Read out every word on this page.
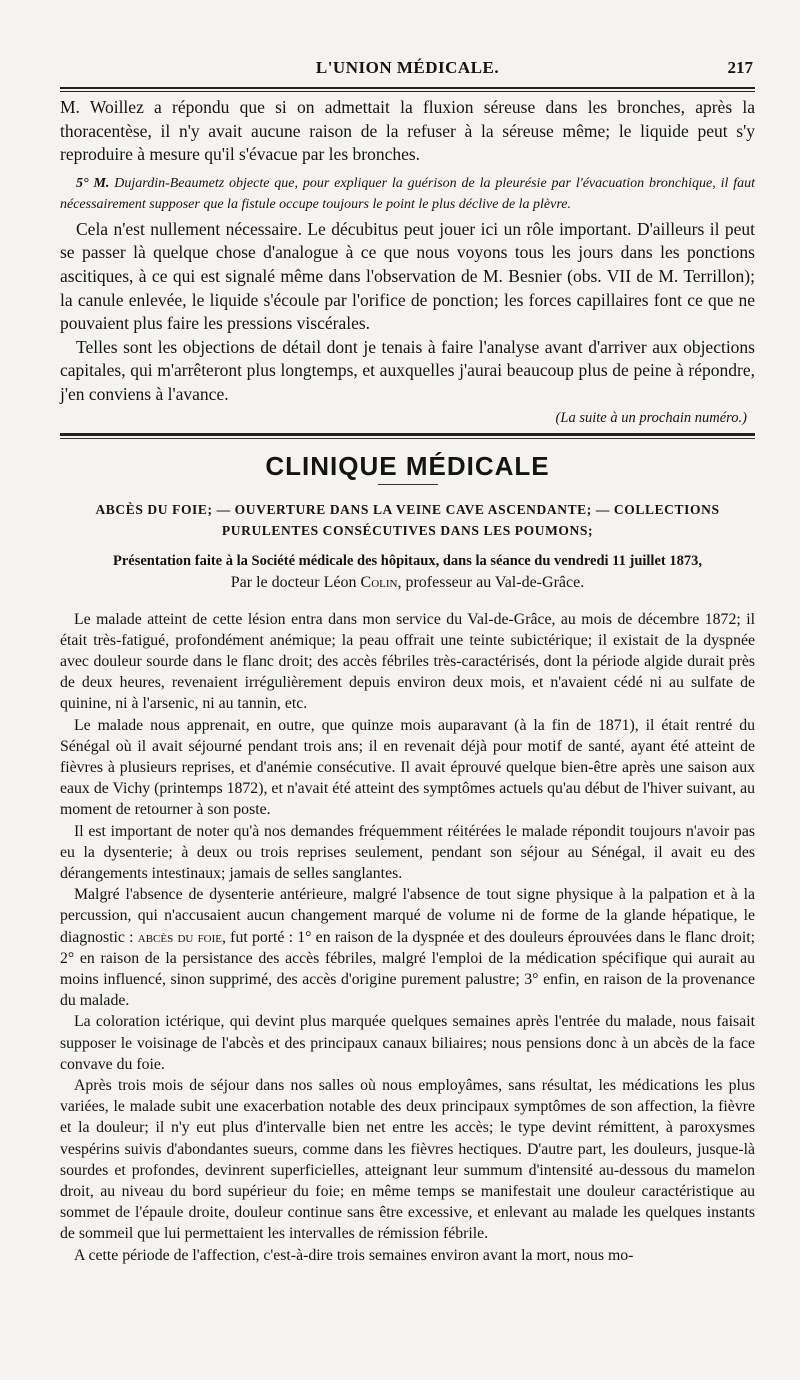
L'UNION MÉDICALE.	217

M. Woillez a répondu que si on admettait la fluxion séreuse dans les bronches, après la thoracentèse, il n'y avait aucune raison de la refuser à la séreuse même; le liquide peut s'y reproduire à mesure qu'il s'évacue par les bronches.

5° M. Dujardin-Beaumetz objecte que, pour expliquer la guérison de la pleurésie par l'évacuation bronchique, il faut nécessairement supposer que la fistule occupe toujours le point le plus déclive de la plèvre.

Cela n'est nullement nécessaire. Le décubitus peut jouer ici un rôle important. D'ailleurs il peut se passer là quelque chose d'analogue à ce que nous voyons tous les jours dans les ponctions ascitiques, à ce qui est signalé même dans l'observation de M. Besnier (obs. VII de M. Terrillon); la canule enlevée, le liquide s'écoule par l'orifice de ponction; les forces capillaires font ce que ne pouvaient plus faire les pressions viscérales.

Telles sont les objections de détail dont je tenais à faire l'analyse avant d'arriver aux objections capitales, qui m'arrêteront plus longtemps, et auxquelles j'aurai beaucoup plus de peine à répondre, j'en conviens à l'avance.

(La suite à un prochain numéro.)
CLINIQUE MÉDICALE
ABCÈS DU FOIE; — OUVERTURE DANS LA VEINE CAVE ASCENDANTE; — COLLECTIONS
PURULENTES CONSÉCUTIVES DANS LES POUMONS;
Présentation faite à la Société médicale des hôpitaux, dans la séance du vendredi 11 juillet 1873,
Par le docteur Léon Colin, professeur au Val-de-Grâce.

Le malade atteint de cette lésion entra dans mon service du Val-de-Grâce, au mois de décembre 1872; il était très-fatigué, profondément anémique; la peau offrait une teinte subictérique; il existait de la dyspnée avec douleur sourde dans le flanc droit; des accès fébriles très-caractérisés, dont la période algide durait près de deux heures, revenaient irrégulièrement depuis environ deux mois, et n'avaient cédé ni au sulfate de quinine, ni à l'arsenic, ni au tannin, etc.

Le malade nous apprenait, en outre, que quinze mois auparavant (à la fin de 1871), il était rentré du Sénégal où il avait séjourné pendant trois ans; il en revenait déjà pour motif de santé, ayant été atteint de fièvres à plusieurs reprises, et d'anémie consécutive. Il avait éprouvé quelque bien-être après une saison aux eaux de Vichy (printemps 1872), et n'avait été atteint des symptômes actuels qu'au début de l'hiver suivant, au moment de retourner à son poste.

Il est important de noter qu'à nos demandes fréquemment réitérées le malade répondit toujours n'avoir pas eu la dysenterie; à deux ou trois reprises seulement, pendant son séjour au Sénégal, il avait eu des dérangements intestinaux; jamais de selles sanglantes.

Malgré l'absence de dysenterie antérieure, malgré l'absence de tout signe physique à la palpation et à la percussion, qui n'accusaient aucun changement marqué de volume ni de forme de la glande hépatique, le diagnostic : abcès du foie, fut porté : 1° en raison de la dyspnée et des douleurs éprouvées dans le flanc droit; 2° en raison de la persistance des accès fébriles, malgré l'emploi de la médication spécifique qui aurait au moins influencé, sinon supprimé, des accès d'origine purement palustre; 3° enfin, en raison de la provenance du malade.

La coloration ictérique, qui devint plus marquée quelques semaines après l'entrée du malade, nous faisait supposer le voisinage de l'abcès et des principaux canaux biliaires; nous pensions donc à un abcès de la face convave du foie.

Après trois mois de séjour dans nos salles où nous employâmes, sans résultat, les médications les plus variées, le malade subit une exacerbation notable des deux principaux symptômes de son affection, la fièvre et la douleur; il n'y eut plus d'intervalle bien net entre les accès; le type devint rémittent, à paroxysmes vespérins suivis d'abondantes sueurs, comme dans les fièvres hectiques. D'autre part, les douleurs, jusque-là sourdes et profondes, devinrent superficielles, atteignant leur summum d'intensité au-dessous du mamelon droit, au niveau du bord supérieur du foie; en même temps se manifestait une douleur caractéristique au sommet de l'épaule droite, douleur continue sans être excessive, et enlevant au malade les quelques instants de sommeil que lui permettaient les intervalles de rémission fébrile.

A cette période de l'affection, c'est-à-dire trois semaines environ avant la mort, nous mo-
